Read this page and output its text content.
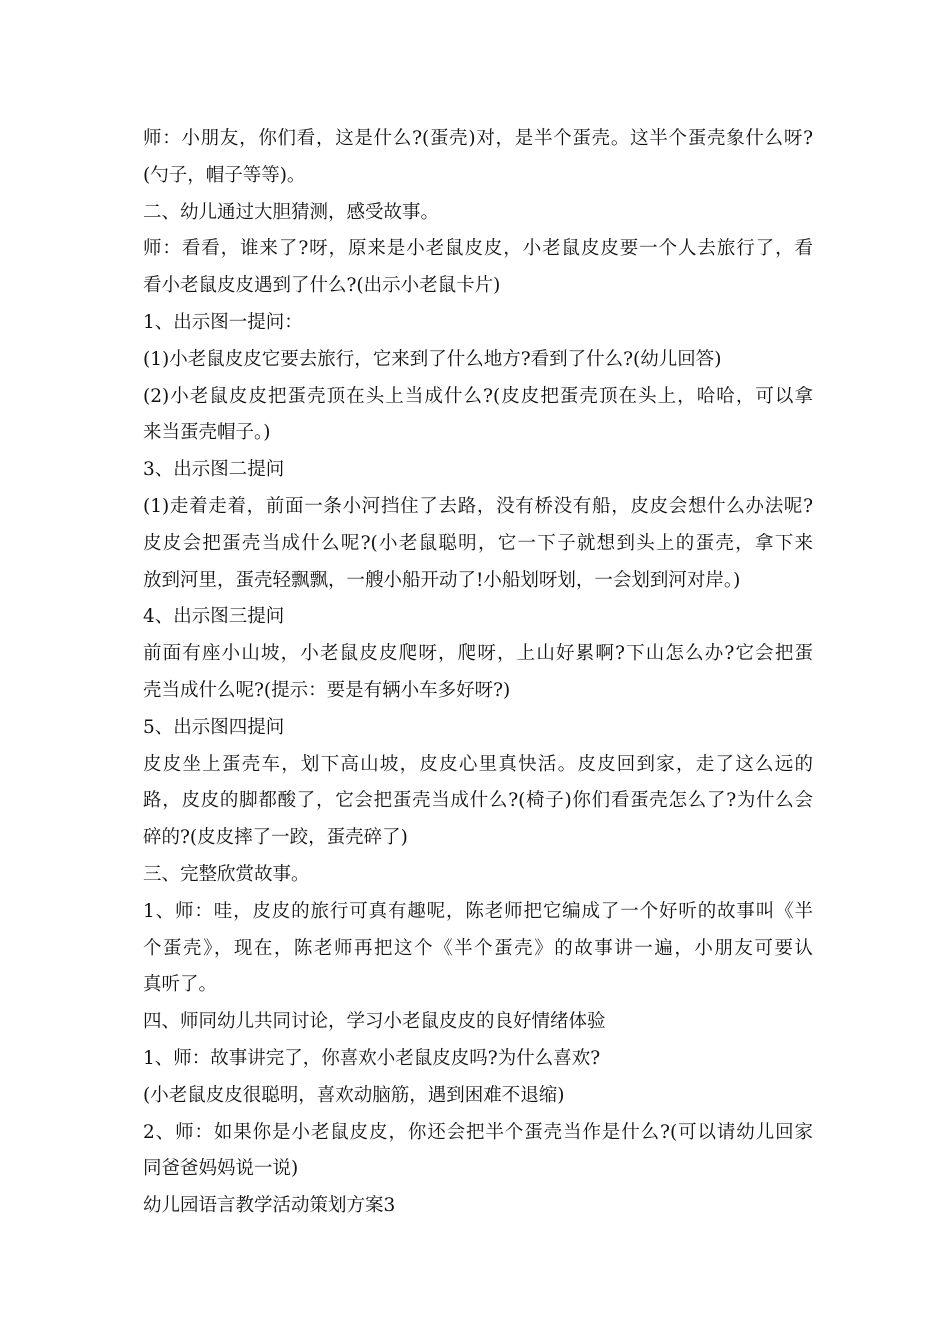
师：小朋友，你们看，这是什么?(蛋壳)对，是半个蛋壳。这半个蛋壳象什么呀?
(勺子，帽子等等)。
二、幼儿通过大胆猜测，感受故事。
师：看看，谁来了?呀，原来是小老鼠皮皮，小老鼠皮皮要一个人去旅行了，看
看小老鼠皮皮遇到了什么?(出示小老鼠卡片)
1、出示图一提问：
(1)小老鼠皮皮它要去旅行，它来到了什么地方?看到了什么?(幼儿回答)
(2)小老鼠皮皮把蛋壳顶在头上当成什么?(皮皮把蛋壳顶在头上，哈哈，可以拿
来当蛋壳帽子。)
3、出示图二提问
(1)走着走着，前面一条小河挡住了去路，没有桥没有船，皮皮会想什么办法呢?
皮皮会把蛋壳当成什么呢?(小老鼠聪明，它一下子就想到头上的蛋壳，拿下来
放到河里，蛋壳轻飘飘，一艘小船开动了!小船划呀划，一会划到河对岸。)
4、出示图三提问
前面有座小山坡，小老鼠皮皮爬呀，爬呀，上山好累啊?下山怎么办?它会把蛋
壳当成什么呢?(提示：要是有辆小车多好呀?)
5、出示图四提问
皮皮坐上蛋壳车，划下高山坡，皮皮心里真快活。皮皮回到家，走了这么远的
路，皮皮的脚都酸了，它会把蛋壳当成什么?(椅子)你们看蛋壳怎么了?为什么会
碎的?(皮皮摔了一跤，蛋壳碎了)
三、完整欣赏故事。
1、师：哇，皮皮的旅行可真有趣呢，陈老师把它编成了一个好听的故事叫《半
个蛋壳》，现在，陈老师再把这个《半个蛋壳》的故事讲一遍，小朋友可要认
真听了。
四、师同幼儿共同讨论，学习小老鼠皮皮的良好情绪体验
1、师：故事讲完了，你喜欢小老鼠皮皮吗?为什么喜欢?
(小老鼠皮皮很聪明，喜欢动脑筋，遇到困难不退缩)
2、师：如果你是小老鼠皮皮，你还会把半个蛋壳当作是什么?(可以请幼儿回家
同爸爸妈妈说一说)
幼儿园语言教学活动策划方案3
